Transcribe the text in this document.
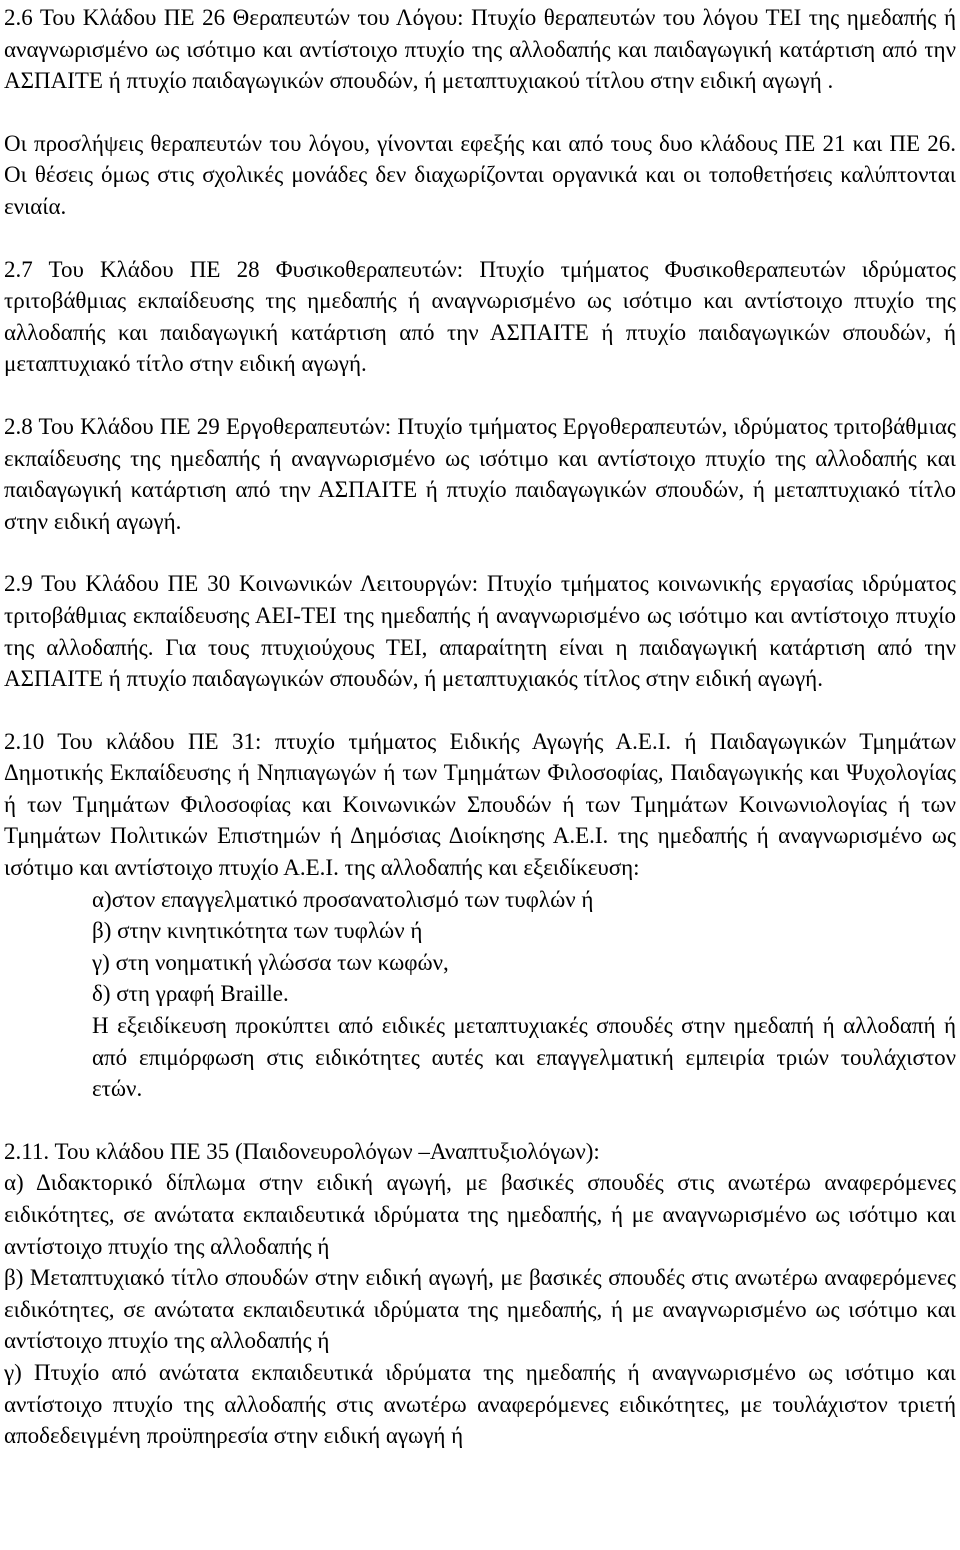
2.6 Του Κλάδου ΠΕ 26 Θεραπευτών του Λόγου: Πτυχίο θεραπευτών του λόγου ΤΕΙ της ημεδαπής ή αναγνωρισμένο ως ισότιμο και αντίστοιχο πτυχίο της αλλοδαπής και παιδαγωγική κατάρτιση από την ΑΣΠΑΙΤΕ ή πτυχίο παιδαγωγικών σπουδών, ή μεταπτυχιακού τίτλου στην ειδική αγωγή .

Οι προσλήψεις θεραπευτών του λόγου, γίνονται εφεξής και από τους δυο κλάδους ΠΕ 21 και ΠΕ 26. Οι θέσεις όμως στις σχολικές μονάδες δεν διαχωρίζονται οργανικά και οι τοποθετήσεις καλύπτονται ενιαία.

2.7 Του Κλάδου ΠΕ 28 Φυσικοθεραπευτών: Πτυχίο τμήματος Φυσικοθεραπευτών ιδρύματος τριτοβάθμιας εκπαίδευσης της ημεδαπής ή αναγνωρισμένο ως ισότιμο και αντίστοιχο πτυχίο της αλλοδαπής και παιδαγωγική κατάρτιση από την ΑΣΠΑΙΤΕ ή πτυχίο παιδαγωγικών σπουδών, ή μεταπτυχιακό τίτλο στην ειδική αγωγή.

2.8 Του Κλάδου ΠΕ 29 Εργοθεραπευτών: Πτυχίο τμήματος Εργοθεραπευτών, ιδρύματος τριτοβάθμιας εκπαίδευσης της ημεδαπής ή αναγνωρισμένο ως ισότιμο και αντίστοιχο πτυχίο της αλλοδαπής και παιδαγωγική κατάρτιση από την ΑΣΠΑΙΤΕ ή πτυχίο παιδαγωγικών σπουδών, ή μεταπτυχιακό τίτλο στην ειδική αγωγή.

2.9 Του Κλάδου ΠΕ 30 Κοινωνικών Λειτουργών: Πτυχίο τμήματος κοινωνικής εργασίας ιδρύματος τριτοβάθμιας εκπαίδευσης ΑΕΙ-ΤΕΙ της ημεδαπής ή αναγνωρισμένο ως ισότιμο και αντίστοιχο πτυχίο της αλλοδαπής. Για τους πτυχιούχους ΤΕΙ, απαραίτητη είναι η παιδαγωγική κατάρτιση από την ΑΣΠΑΙΤΕ ή πτυχίο παιδαγωγικών σπουδών, ή μεταπτυχιακός τίτλος στην ειδική αγωγή.

2.10 Του κλάδου ΠΕ 31: πτυχίο τμήματος Ειδικής Αγωγής Α.Ε.Ι. ή Παιδαγωγικών Τμημάτων Δημοτικής Εκπαίδευσης ή Νηπιαγωγών ή των Τμημάτων Φιλοσοφίας, Παιδαγωγικής και Ψυχολογίας ή των Τμημάτων Φιλοσοφίας και Κοινωνικών Σπουδών ή των Τμημάτων Κοινωνιολογίας ή των Τμημάτων Πολιτικών Επιστημών ή Δημόσιας Διοίκησης Α.Ε.Ι. της ημεδαπής ή αναγνωρισμένο ως ισότιμο και αντίστοιχο πτυχίο Α.Ε.Ι. της αλλοδαπής και εξειδίκευση:

α)στον επαγγελματικό προσανατολισμό των τυφλών ή

β) στην κινητικότητα των τυφλών ή

γ) στη νοηματική γλώσσα των κωφών,

δ) στη γραφή Braille.

Η εξειδίκευση προκύπτει από ειδικές μεταπτυχιακές σπουδές στην ημεδαπή ή αλλοδαπή ή από επιμόρφωση στις ειδικότητες αυτές και επαγγελματική εμπειρία τριών τουλάχιστον ετών.

2.11. Του κλάδου ΠΕ 35 (Παιδονευρολόγων –Αναπτυξιολόγων):

α) Διδακτορικό δίπλωμα στην ειδική αγωγή, με βασικές σπουδές στις ανωτέρω αναφερόμενες ειδικότητες, σε ανώτατα εκπαιδευτικά ιδρύματα της ημεδαπής, ή με αναγνωρισμένο ως ισότιμο και αντίστοιχο πτυχίο της αλλοδαπής ή

β) Μεταπτυχιακό τίτλο σπουδών στην ειδική αγωγή, με βασικές σπουδές στις ανωτέρω αναφερόμενες ειδικότητες, σε ανώτατα εκπαιδευτικά ιδρύματα της ημεδαπής, ή με αναγνωρισμένο ως ισότιμο και αντίστοιχο πτυχίο της αλλοδαπής ή

γ) Πτυχίο από ανώτατα εκπαιδευτικά ιδρύματα της ημεδαπής ή αναγνωρισμένο ως ισότιμο και αντίστοιχο πτυχίο της αλλοδαπής στις ανωτέρω αναφερόμενες ειδικότητες, με τουλάχιστον τριετή αποδεδειγμένη προϋπηρεσία στην ειδική αγωγή ή
